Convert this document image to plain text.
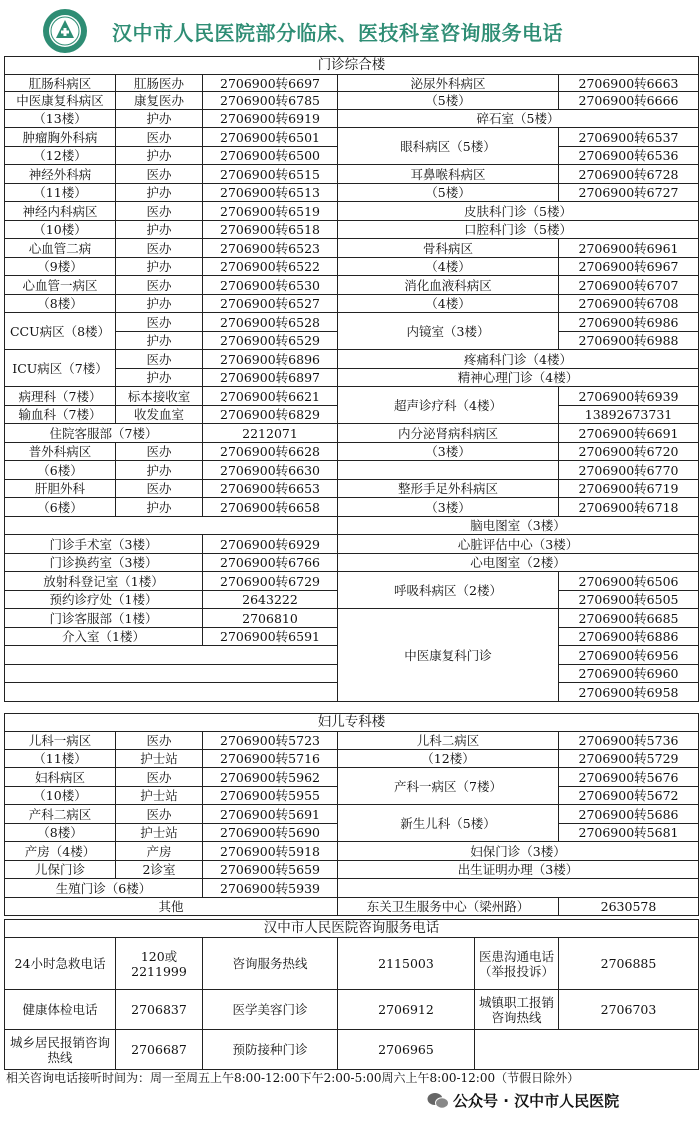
汉中市人民医院部分临床、医技科室咨询服务电话
门诊综合楼				
肛肠科病区	肛肠医办	2706900转6697	泌尿外科病区	2706900转6663
中医康复科病区	康复医办	2706900转6785	（5楼）	2706900转6666
（13楼）	护办	2706900转6919	碎石室（5楼）	
肿瘤胸外科病	医办	2706900转6501	眼科病区（5楼）	2706900转6537
（12楼）	护办	2706900转6500		2706900转6536
神经外科病	医办	2706900转6515	耳鼻喉科病区	2706900转6728
（11楼）	护办	2706900转6513	（5楼）	2706900转6727
神经内科病区	医办	2706900转6519	皮肤科门诊（5楼）	
（10楼）	护办	2706900转6518	口腔科门诊（5楼）	
心血管二病	医办	2706900转6523	骨科病区	2706900转6961
（9楼）	护办	2706900转6522	（4楼）	2706900转6967
心血管一病区	医办	2706900转6530	消化血液科病区	2706900转6707
（8楼）	护办	2706900转6527	（4楼）	2706900转6708
CCU病区（8楼）	医办	2706900转6528	内镜室（3楼）	2706900转6986
	护办	2706900转6529		2706900转6988
ICU病区（7楼）	医办	2706900转6896	疼痛科门诊（4楼）	
	护办	2706900转6897	精神心理门诊（4楼）	
病理科（7楼）	标本接收室	2706900转6621	超声诊疗科（4楼）	2706900转6939
输血科（7楼）	收发血室	2706900转6829		13892673731
住院客服部（7楼）		2212071	内分泌肾病科病区	2706900转6691
普外科病区	医办	2706900转6628	（3楼）	2706900转6720
（6楼）	护办	2706900转6630		2706900转6770
肝胆外科	医办	2706900转6653	整形手足外科病区	2706900转6719
（6楼）	护办	2706900转6658	（3楼）	2706900转6718
			脑电图室（3楼）	
门诊手术室（3楼）		2706900转6929	心脏评估中心（3楼）	
门诊换药室（3楼）		2706900转6766	心电图室（2楼）	
放射科登记室（1楼）		2706900转6729	呼吸科病区（2楼）	2706900转6506
预约诊疗处（1楼）		2643222		2706900转6505
门诊客服部（1楼）		2706810	中医康复科门诊	2706900转6685
介入室（1楼）		2706900转6591		2706900转6886
				2706900转6956
				2706900转6960
				2706900转6958
妇儿专科楼				
儿科一病区	医办	2706900转5723	儿科二病区	2706900转5736
（11楼）	护士站	2706900转5716	（12楼）	2706900转5729
妇科病区	医办	2706900转5962	产科一病区（7楼）	2706900转5676
（10楼）	护士站	2706900转5955		2706900转5672
产科二病区	医办	2706900转5691	新生儿科（5楼）	2706900转5686
（8楼）	护士站	2706900转5690		2706900转5681
产房（4楼）	产房	2706900转5918	妇保门诊（3楼）	
儿保门诊	2诊室	2706900转5659	出生证明办理（3楼）	
生殖门诊（6楼）		2706900转5939		
其他			东关卫生服务中心（梁州路）	2630578
汉中市人民医院咨询服务电话					
24小时急救电话	120或2211999	咨询服务热线	2115003	医患沟通电话（举报投诉）	2706885
健康体检电话	2706837	医学美容门诊	2706912	城镇职工报销咨询热线	2706703
城乡居民报销咨询热线	2706687	预防接种门诊	2706965		
相关咨询电话接听时间为：周一至周五上午8:00-12:00下午2:00-5:00周六上午8:00-12:00（节假日除外）
公众号 · 汉中市人民医院
